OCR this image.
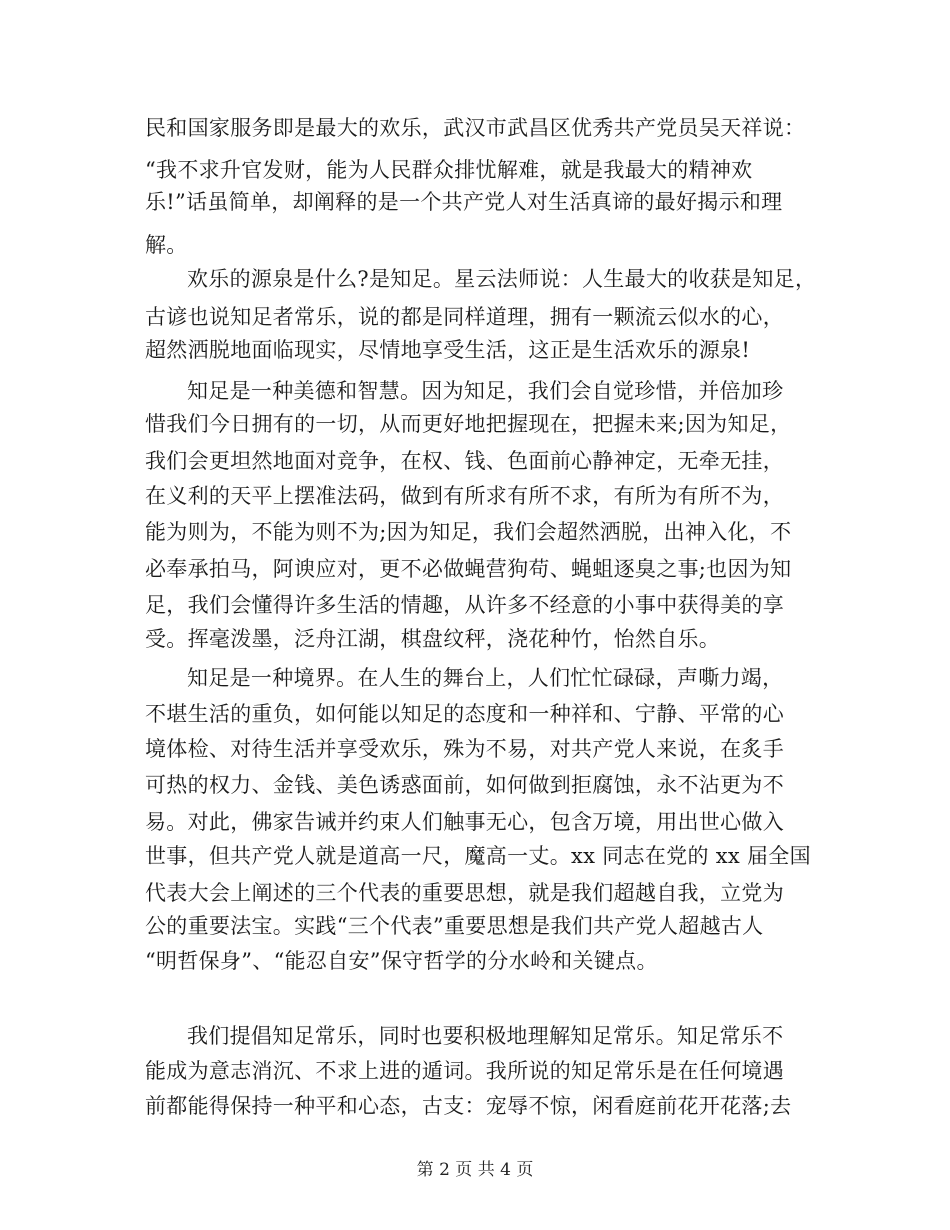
民和国家服务即是最大的欢乐，武汉市武昌区优秀共产党员吴天祥说：
“我不求升官发财，能为人民群众排忧解难，就是我最大的精神欢
乐!”话虽简单，却阐释的是一个共产党人对生活真谛的最好揭示和理
解。
欢乐的源泉是什么?是知足。星云法师说：人生最大的收获是知足，
古谚也说知足者常乐，说的都是同样道理，拥有一颗流云似水的心，
超然洒脱地面临现实，尽情地享受生活，这正是生活欢乐的源泉!
知足是一种美德和智慧。因为知足，我们会自觉珍惜，并倍加珍
惜我们今日拥有的一切，从而更好地把握现在，把握未来;因为知足，
我们会更坦然地面对竞争，在权、钱、色面前心静神定，无牵无挂，
在义利的天平上摆准法码，做到有所求有所不求，有所为有所不为，
能为则为，不能为则不为;因为知足，我们会超然洒脱，出神入化，不
必奉承拍马，阿谀应对，更不必做蝇营狗苟、蝇蛆逐臭之事;也因为知
足，我们会懂得许多生活的情趣，从许多不经意的小事中获得美的享
受。挥毫泼墨，泛舟江湖，棋盘纹秤，浇花种竹，怡然自乐。
知足是一种境界。在人生的舞台上，人们忙忙碌碌，声嘶力竭，
不堪生活的重负，如何能以知足的态度和一种祥和、宁静、平常的心
境体检、对待生活并享受欢乐，殊为不易，对共产党人来说，在炙手
可热的权力、金钱、美色诱惑面前，如何做到拒腐蚀，永不沾更为不
易。对此，佛家告诫并约束人们触事无心，包含万境，用出世心做入
世事，但共产党人就是道高一尺，魔高一丈。xx 同志在党的 xx 届全国
代表大会上阐述的三个代表的重要思想，就是我们超越自我，立党为
公的重要法宝。实践“三个代表”重要思想是我们共产党人超越古人
“明哲保身”、“能忍自安”保守哲学的分水岭和关键点。
我们提倡知足常乐，同时也要积极地理解知足常乐。知足常乐不
能成为意志消沉、不求上进的遁词。我所说的知足常乐是在任何境遇
前都能得保持一种平和心态，古支：宠辱不惊，闲看庭前花开花落;去
第 2 页 共 4 页
